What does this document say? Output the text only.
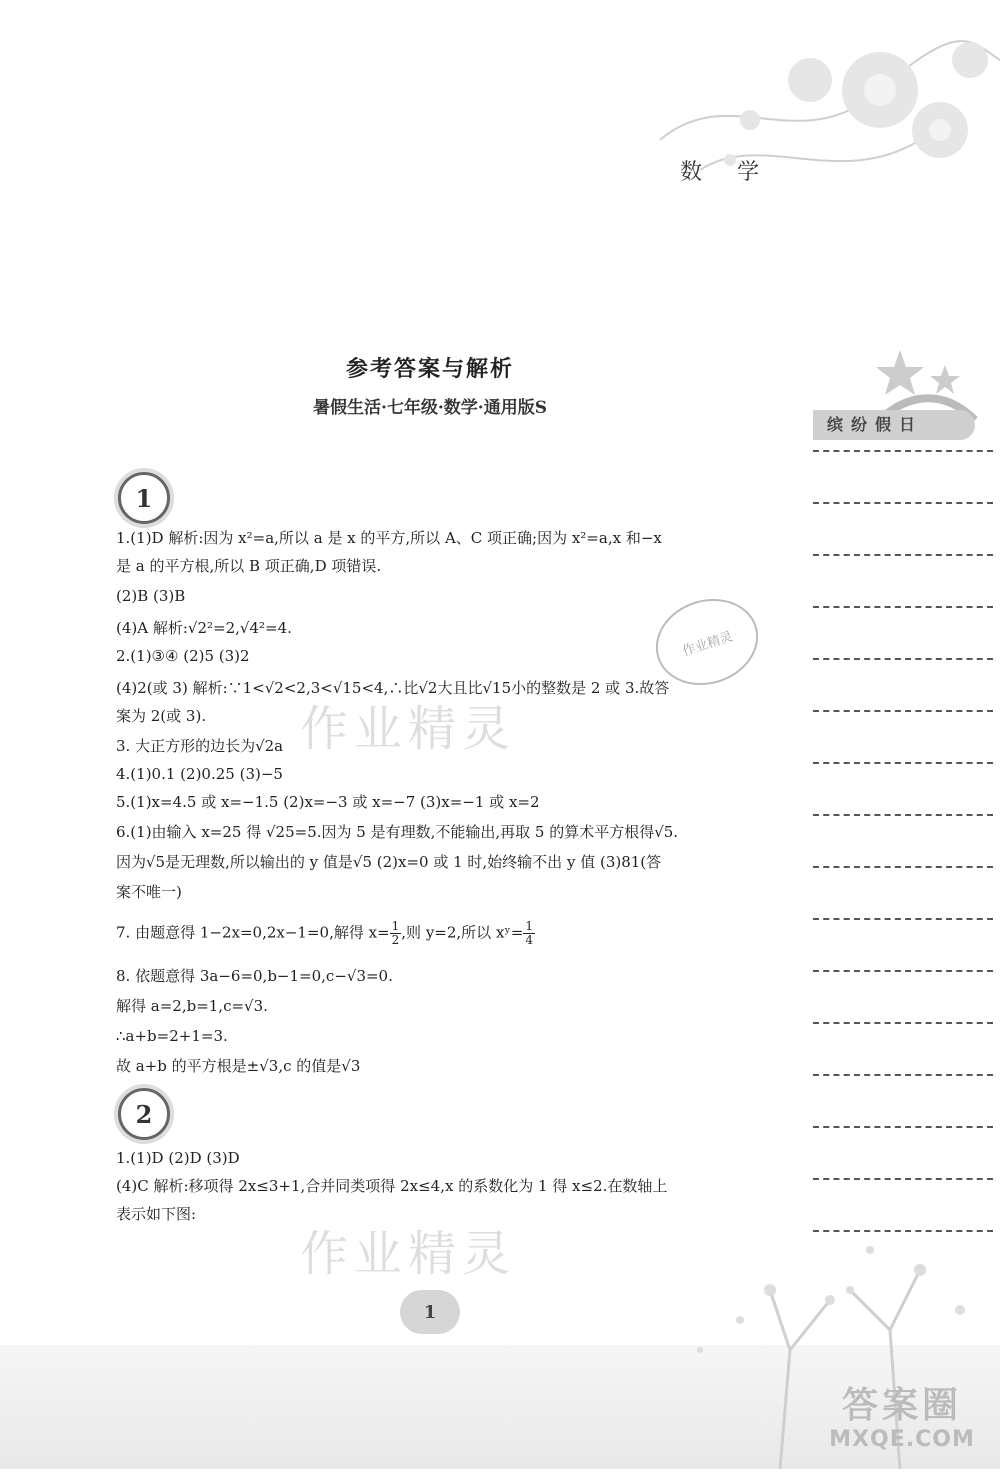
数 学
参考答案与解析
暑假生活·七年级·数学·通用版S
1
1.(1)D 解析:因为 x²=a,所以 a 是 x 的平方,所以 A、C 项正确;因为 x²=a,x 和−x
是 a 的平方根,所以 B 项正确,D 项错误.
(2)B (3)B
(4)A 解析:√2²=2,√4²=4.
2.(1)③④ (2)5 (3)2
(4)2(或 3) 解析:∵1<√2<2,3<√15<4,∴比√2大且比√15小的整数是 2 或 3.故答
案为 2(或 3).
3. 大正方形的边长为√2a
4.(1)0.1 (2)0.25 (3)−5
5.(1)x=4.5 或 x=−1.5 (2)x=−3 或 x=−7 (3)x=−1 或 x=2
6.(1)由输入 x=25 得 √25=5.因为 5 是有理数,不能输出,再取 5 的算术平方根得√5.
因为√5是无理数,所以输出的 y 值是√5 (2)x=0 或 1 时,始终输不出 y 值 (3)81(答
案不唯一)
7. 由题意得 1−2x=0,2x−1=0,解得 $x= \frac{1}{2}$ ,则 y=2,所以 xʸ= $\frac{1}{4}$
8. 依题意得 3a−6=0,b−1=0,c−√3=0.
解得 a=2,b=1,c=√3.
∴a+b=2+1=3.
故 a+b 的平方根是±√3,c 的值是√3
2
1.(1)D (2)D (3)D
(4)C 解析:移项得 2x≤3+1,合并同类项得 2x≤4,x 的系数化为 1 得 x≤2.在数轴上
表示如下图:
作业精灵
作业精灵
作业精灵
缤纷假日
1
答案圈
MXQE.COM
